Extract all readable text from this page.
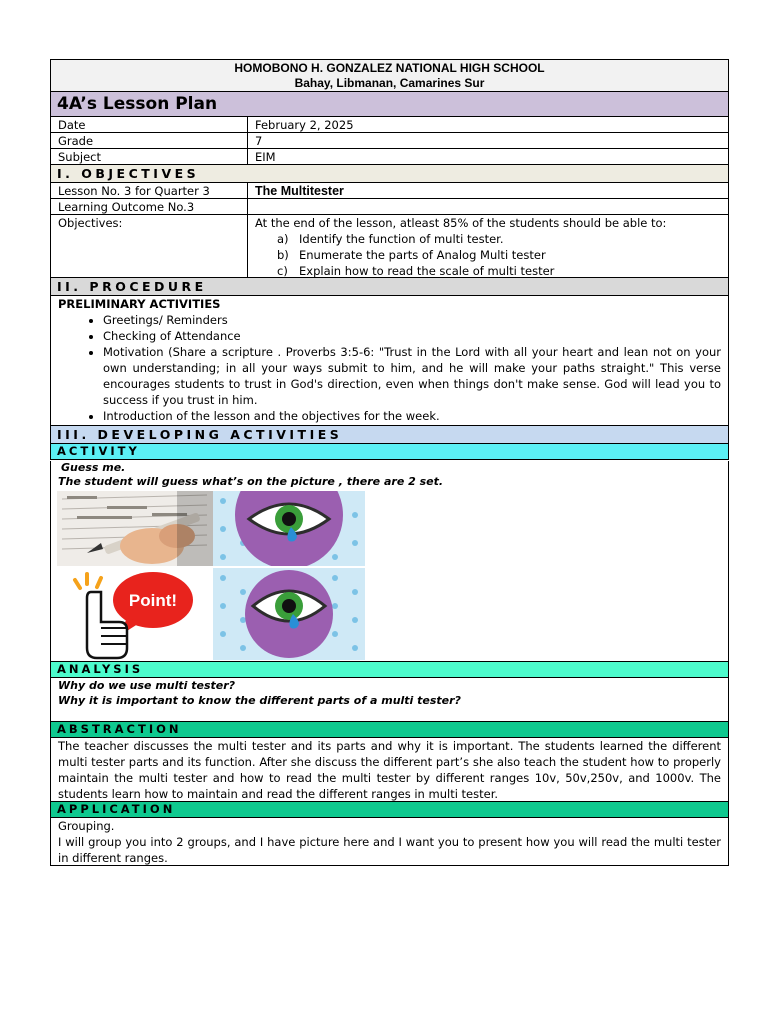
HOMOBONO H. GONZALEZ NATIONAL HIGH SCHOOL
Bahay, Libmanan, Camarines Sur
4A’s Lesson Plan
Date	February 2, 2025
Grade	7
Subject	EIM
I. OBJECTIVES
Lesson No. 3 for Quarter 3	The Multitester
Learning Outcome No.3
Objectives:	At the end of the lesson, atleast 85% of the students should be able to:
a) Identify the function of multi tester.
b) Enumerate the parts of Analog Multi tester
c) Explain how to read the scale of multi tester
II. PROCEDURE
PRELIMINARY ACTIVITIES
• Greetings/ Reminders
• Checking of Attendance
• Motivation (Share a scripture . Proverbs 3:5-6: "Trust in the Lord with all your heart and lean not on your own understanding; in all your ways submit to him, and he will make your paths straight." This verse encourages students to trust in God's direction, even when things don't make sense. God will lead you to success if you trust in him.
• Introduction of the lesson and the objectives for the week.
III. DEVELOPING ACTIVITIES
ACTIVITY
Guess me.
The student will guess what’s on the picture , there are 2 set.
Point!
ANALYSIS
Why do we use multi tester?
Why it is important to know the different parts of a multi tester?
ABSTRACTION
The teacher discusses the multi tester and its parts and why it is important. The students learned the different multi tester parts and its function. After she discuss the different part’s she also teach the student how to properly maintain the multi tester and how to read the multi tester by different ranges 10v, 50v,250v, and 1000v. The students learn how to maintain and read the different ranges in multi tester.
APPLICATION
Grouping.
I will group you into 2 groups, and I have picture here and I want you to present how you will read the multi tester in different ranges.
